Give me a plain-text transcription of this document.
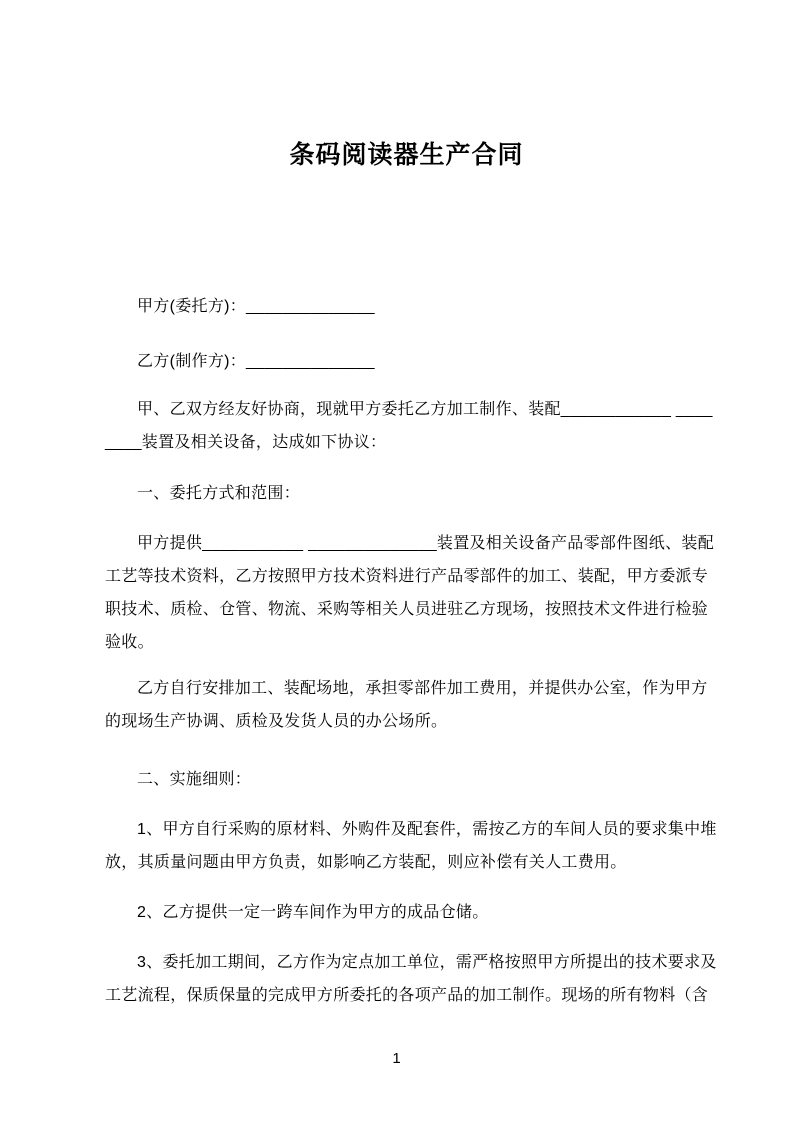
条码阅读器生产合同
甲方(委托方)：______________
乙方(制作方)：______________
甲、乙双方经友好协商，现就甲方委托乙方加工制作、装配____________ ____
____装置及相关设备，达成如下协议：
一、委托方式和范围：
甲方提供___________ ______________装置及相关设备产品零部件图纸、装配
工艺等技术资料，乙方按照甲方技术资料进行产品零部件的加工、装配，甲方委派专
职技术、质检、仓管、物流、采购等相关人员进驻乙方现场，按照技术文件进行检验
验收。
乙方自行安排加工、装配场地，承担零部件加工费用，并提供办公室，作为甲方
的现场生产协调、质检及发货人员的办公场所。
二、实施细则：
1、甲方自行采购的原材料、外购件及配套件，需按乙方的车间人员的要求集中堆
放，其质量问题由甲方负责，如影响乙方装配，则应补偿有关人工费用。
2、乙方提供一定一跨车间作为甲方的成品仓储。
3、委托加工期间，乙方作为定点加工单位，需严格按照甲方所提出的技术要求及
工艺流程，保质保量的完成甲方所委托的各项产品的加工制作。现场的所有物料（含
1
